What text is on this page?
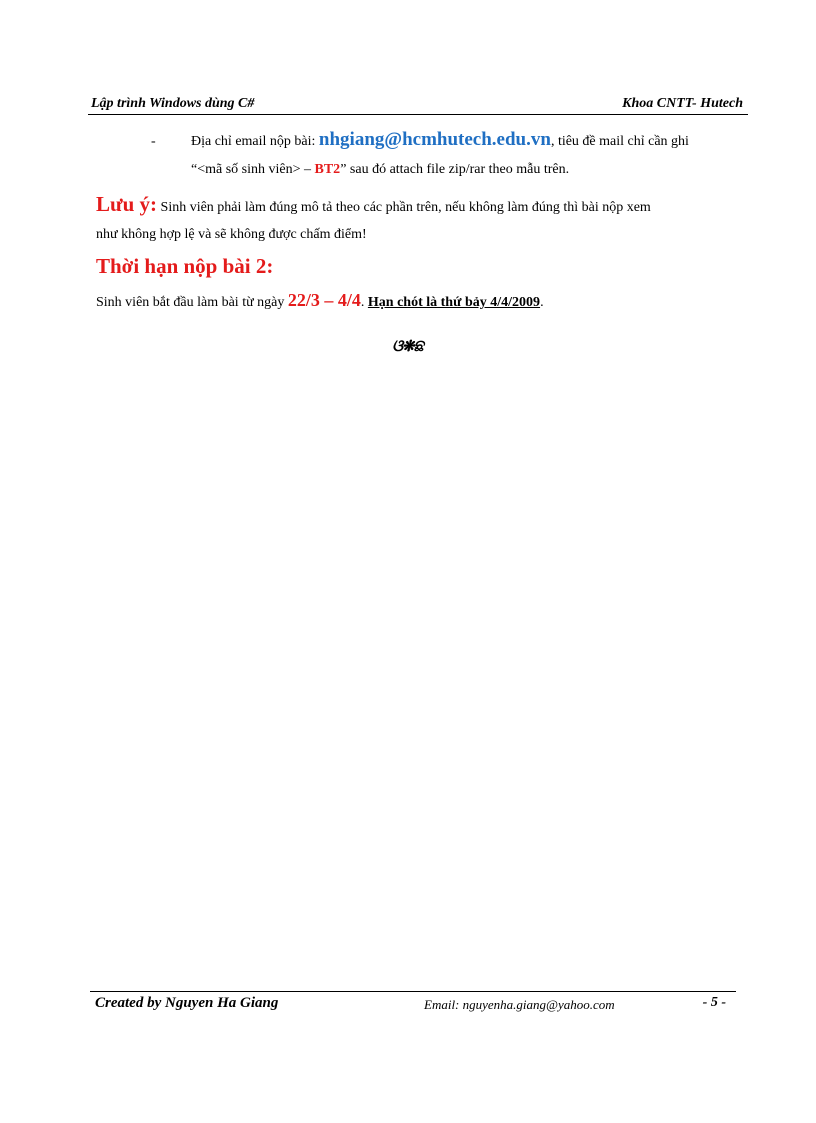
Lập trình Windows dùng C#	Khoa CNTT- Hutech
-	Địa chỉ email nộp bài: nhgiang@hcmhutech.edu.vn, tiêu đề mail chỉ cần ghi
“<mã số sinh viên> – BT2” sau đó attach file zip/rar theo mẫu trên.
Lưu ý: Sinh viên phải làm đúng mô tả theo các phần trên, nếu không làm đúng thì bài nộp xem
như không hợp lệ và sẽ không được chấm điểm!
Thời hạn nộp bài 2:
Sinh viên bắt đầu làm bài từ ngày 22/3 – 4/4. Hạn chót là thứ bảy 4/4/2009.
ଓ❋ଛ
Created by Nguyen Ha Giang	Email: nguyenha.giang@yahoo.com	- 5 -
